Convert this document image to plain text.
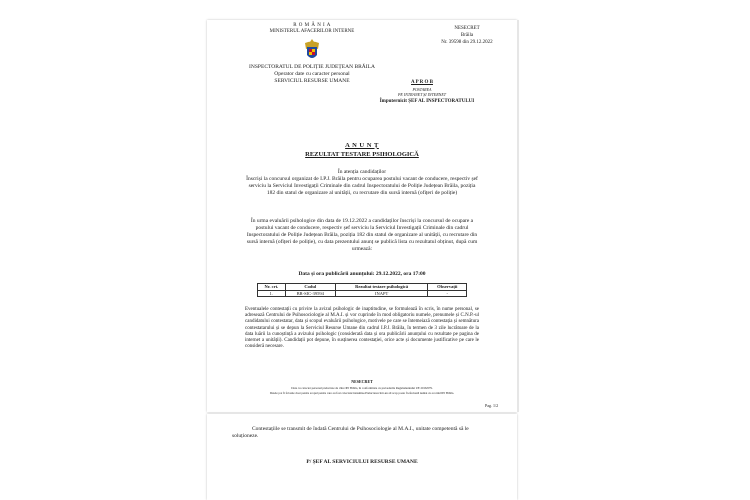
R O M Â N I A
MINISTERUL AFACERILOR INTERNE
INSPECTORATUL DE POLIȚIE JUDEȚEAN BRĂILA
Operator date cu caracter personal
SERVICIUL RESURSE UMANE
NESECRET
Brăila
Nr. 39598 din 29.12.2022
A P R O B
POSTAREA
PE INTRANET ȘI INTERNET
Împuternicit ȘEF AL INSPECTORATULUI
A N U N Ț
REZULTAT TESTARE PSIHOLOGICĂ
În atenția candidaților
Înscriși la concursul organizat de I.P.J. Brăila pentru ocuparea postului vacant de conducere, respectiv șef serviciu la Serviciul Investigații Criminale din cadrul Inspectoratului de Poliție Județean Brăila, poziția 182 din statul de organizare al unității, cu recrutare din sursă internă (ofițeri de poliție)
În urma evaluării psihologice din data de 19.12.2022 a candidaților înscriși la concursul de ocupare a postului vacant de conducere, respectiv șef serviciu la Serviciul Investigații Criminale din cadrul Inspectoratului de Poliție Județean Brăila, poziția 182 din statul de organizare al unității, cu recrutare din sursă internă (ofițeri de poliție), cu data prezentului anunț se publică lista cu rezultatul obținut, după cum urmează:
Data și ora publicării anunțului: 29.12.2022, ora 17:00
Nr. crt.	Codul	Rezultat testare psihologică	Observații
1.	BR-SIC-39594	INAPT	-
Eventualele contestații cu privire la avizul psihologic de inaptitudine, se formulează în scris, în nume personal, se adresează Centrului de Psihosociologie al M.A.I. și vor cuprinde în mod obligatoriu numele, prenumele și C.N.P.-ul candidatului contestatar, data și scopul evaluării psihologice, motivele pe care se întemeiază contestația și semnătura contestatarului și se depun la Serviciul Resurse Umane din cadrul I.P.J. Brăila, în termen de 3 zile lucrătoare de la data luării la cunoștință a avizului psihologic (considerată data și ora publicării anunțului cu rezultate pe pagina de internet a unității). Candidații pot depune, în susținerea contestației, orice acte și documente justificative pe care le consideră necesare.
NESECRET
Date cu caracter personal prelucrate de către IPJ Brăila, în conformitate cu prevederile Regulamentului UE 2016/679.
Datele pot fi folosite doar pentru scopul pentru care au fost colectate/transmise.Prelucrarea într-un alt scop poate fi efectuată numai cu acordul IPJ Brăila.
Pag. 1/2
Contestațiile se transmit de îndată Centrului de Psihosociologie al M.A.I., unitate competentă să le soluționeze.
P/ ȘEF AL SERVICIULUI RESURSE UMANE
